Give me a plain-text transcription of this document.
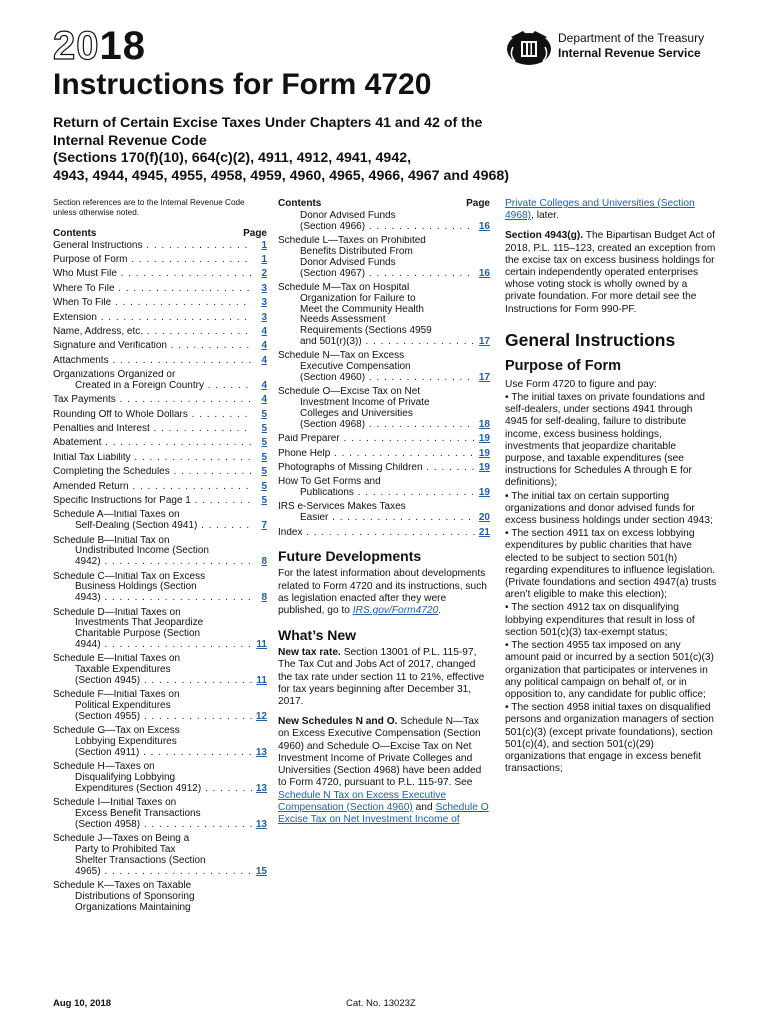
2018
Instructions for Form 4720
Department of the Treasury
Internal Revenue Service
Return of Certain Excise Taxes Under Chapters 41 and 42 of the
Internal Revenue Code
(Sections 170(f)(10), 664(c)(2), 4911, 4912, 4941, 4942,
4943, 4944, 4945, 4955, 4958, 4959, 4960, 4965, 4966, 4967 and 4968)

Section references are to the Internal Revenue Code unless otherwise noted.

Contents	Page
General Instructions . . .	1
Purpose of Form . . .	1
Who Must File . . .	2
Where To File . . .	3
When To File . . .	3
Extension . . .	3
Name, Address, etc. . . .	4
Signature and Verification . . .	4
Attachments . . .	4
Organizations Organized or
Created in a Foreign Country . . .	4
Tax Payments . . .	4
Rounding Off to Whole Dollars . . .	5
Penalties and Interest . . .	5
Abatement . . .	5
Initial Tax Liability . . .	5
Completing the Schedules . . .	5
Amended Return . . .	5
Specific Instructions for Page 1 . . .	5
Schedule A—Initial Taxes on
Self-Dealing (Section 4941) . . .	7
Schedule B—Initial Tax on
Undistributed Income (Section
4942) . . .	8
Schedule C—Initial Tax on Excess
Business Holdings (Section
4943) . . .	8
Schedule D—Initial Taxes on
Investments That Jeopardize
Charitable Purpose (Section
4944) . . .	11
Schedule E—Initial Taxes on
Taxable Expenditures
(Section 4945) . . .	11
Schedule F—Initial Taxes on
Political Expenditures
(Section 4955) . . .	12
Schedule G—Tax on Excess
Lobbying Expenditures
(Section 4911) . . .	13
Schedule H—Taxes on
Disqualifying Lobbying
Expenditures (Section 4912) . . .	13
Schedule I—Initial Taxes on
Excess Benefit Transactions
(Section 4958) . . .	13
Schedule J—Taxes on Being a
Party to Prohibited Tax
Shelter Transactions (Section
4965) . . .	15
Schedule K—Taxes on Taxable
Distributions of Sponsoring
Organizations Maintaining
Contents	Page
Donor Advised Funds
(Section 4966) . . .	16
Schedule L—Taxes on Prohibited
Benefits Distributed From
Donor Advised Funds
(Section 4967) . . .	16
Schedule M—Tax on Hospital
Organization for Failure to
Meet the Community Health
Needs Assessment
Requirements (Sections 4959
and 501(r)(3)) . . .	17
Schedule N—Tax on Excess
Executive Compensation
(Section 4960) . . .	17
Schedule O—Excise Tax on Net
Investment Income of Private
Colleges and Universities
(Section 4968) . . .	18
Paid Preparer . . .	19
Phone Help . . .	19
Photographs of Missing Children . . .	19
How To Get Forms and
Publications . . .	19
IRS e-Services Makes Taxes
Easier . . .	20
Index . . .	21
Future Developments

For the latest information about developments related to Form 4720 and its instructions, such as legislation enacted after they were published, go to IRS.gov/Form4720.

What’s New

New tax rate. Section 13001 of P.L. 115-97, The Tax Cut and Jobs Act of 2017, changed the tax rate under section 11 to 21%, effective for tax years beginning after December 31, 2017.

New Schedules N and O. Schedule N—Tax on Excess Executive Compensation (Section 4960) and Schedule O—Excise Tax on Net Investment Income of Private Colleges and Universities (Section 4968) have been added to Form 4720, pursuant to P.L. 115-97. See Schedule N Tax on Excess Executive Compensation (Section 4960) and Schedule O Excise Tax on Net Investment Income of

Private Colleges and Universities (Section 4968), later.

Section 4943(g). The Bipartisan Budget Act of 2018, P.L. 115–123, created an exception from the excise tax on excess business holdings for certain independently operated enterprises whose voting stock is wholly owned by a private foundation. For more detail see the Instructions for Form 990-PF.

General Instructions
Purpose of Form
Use Form 4720 to figure and pay:
• The initial taxes on private foundations and self-dealers, under sections 4941 through 4945 for self-dealing, failure to distribute income, excess business holdings, investments that jeopardize charitable purpose, and taxable expenditures (see instructions for Schedules A through E for definitions);
• The initial tax on certain supporting organizations and donor advised funds for excess business holdings under section 4943;
• The section 4911 tax on excess lobbying expenditures by public charities that have elected to be subject to section 501(h) regarding expenditures to influence legislation. (Private foundations and section 4947(a) trusts aren’t eligible to make this election);
• The section 4912 tax on disqualifying lobbying expenditures that result in loss of section 501(c)(3) tax-exempt status;
• The section 4955 tax imposed on any amount paid or incurred by a section 501(c)(3) organization that participates or intervenes in any political campaign on behalf of, or in opposition to, any candidate for public office;
• The section 4958 initial taxes on disqualified persons and organization managers of section 501(c)(3) (except private foundations), section 501(c)(4), and section 501(c)(29) organizations that engage in excess benefit transactions;
Aug 10, 2018	Cat. No. 13023Z
